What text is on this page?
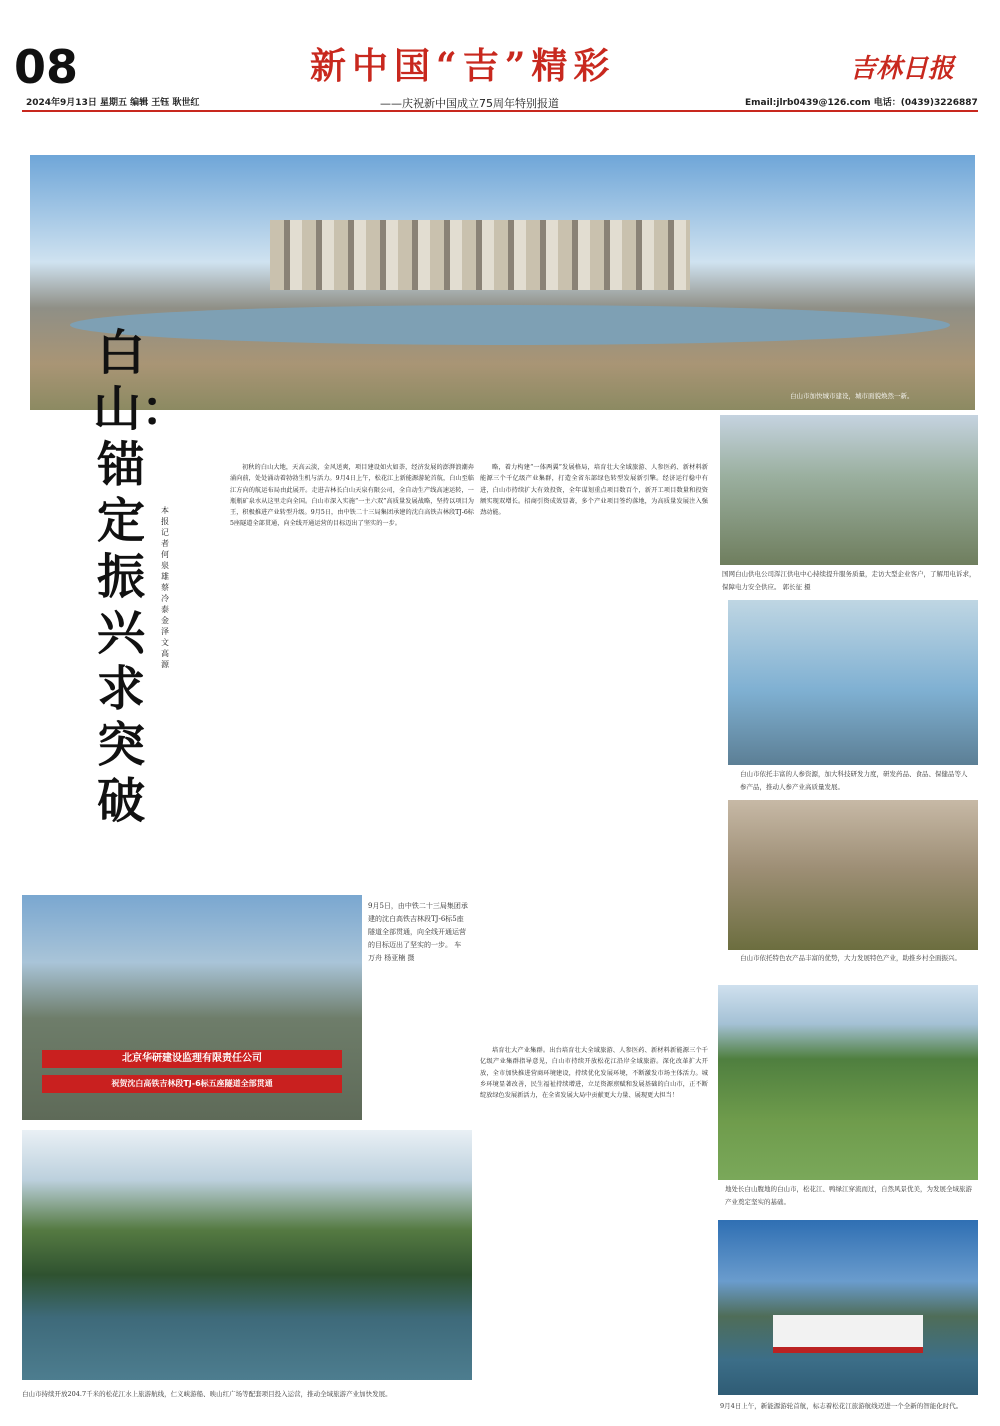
08
2024年9月13日 星期五 编辑 王钰 耿世红
新中国“吉”精彩
——庆祝新中国成立75周年特别报道
吉林日报
Email:jlrb0439@126.com 电话：(0439)3226887
白山市加快城市建设，城市面貌焕然一新。
白山：锚定振兴求突破
本报记者 何泉雄 蔡冷泰 金泽文 高源
初秋的白山大地，天高云淡，金风送爽，项目建设如火如荼，经济发展的澎湃浪潮奔涌向前，处处涌动着勃勃生机与活力。9月4日上午，松花江上新能源游轮首航，白山至临江方向的航运布局由此展开。走进吉林长白山天泉有限公司，全自动生产线高速运转，一瓶瓶矿泉水从这里走向全国。白山市深入实施“一主六双”高质量发展战略，坚持以项目为王，积极推进产业转型升级。9月5日，由中铁二十三局集团承建的沈白高铁吉林段TJ-6标5座隧道全部贯通，向全线开通运营的目标迈出了坚实的一步。
略，着力构建“一体两翼”发展格局，培育壮大全域旅游、人参医药、新材料新能源三个千亿级产业集群，打造全省东部绿色转型发展新引擎。经济运行稳中有进，白山市持续扩大有效投资，全年谋划重点项目数百个，新开工项目数量和投资额实现双增长。招商引资成效显著，多个产业项目签约落地，为高质量发展注入强劲动能。
培育壮大产业集群。出台培育壮大全域旅游、人参医药、新材料新能源三个千亿级产业集群指导意见，白山市持续开放松花江沿岸全域旅游。深化改革扩大开放，全市加快推进营商环境建设，持续优化发展环境，不断激发市场主体活力。城乡环境显著改善，民生福祉持续增进，立足资源禀赋和发展基础的白山市，正不断绽放绿色发展新活力，在全省发展大局中贡献更大力量、展现更大担当！
北京华研建设监理有限责任公司
祝贺沈白高铁吉林段TJ-6标五座隧道全部贯通
9月5日，由中铁二十三局集团承建的沈白高铁吉林段TJ-6标5座隧道全部贯通，向全线开通运营的目标迈出了坚实的一步。 车万舟 杨亚楠 摄
白山市持续开放204.7千米的松花江水上旅游航线，仁义峡游船、映山红广场等配套项目投入运营，推动全域旅游产业加快发展。
国网白山供电公司浑江供电中心持续提升服务质量，走访大型企业客户，了解用电诉求，保障电力安全供应。 郭长征 摄
白山市依托丰富的人参资源，加大科技研发力度，研发药品、食品、保健品等人参产品，推动人参产业高质量发展。
白山市依托特色农产品丰富的优势，大力发展特色产业，助推乡村全面振兴。
地处长白山腹地的白山市，松花江、鸭绿江穿流而过，自然风景优美，为发展全域旅游产业奠定坚实的基础。
9月4日上午，新能源游轮首航，标志着松花江旅游航线迈进一个全新的智能化时代。
